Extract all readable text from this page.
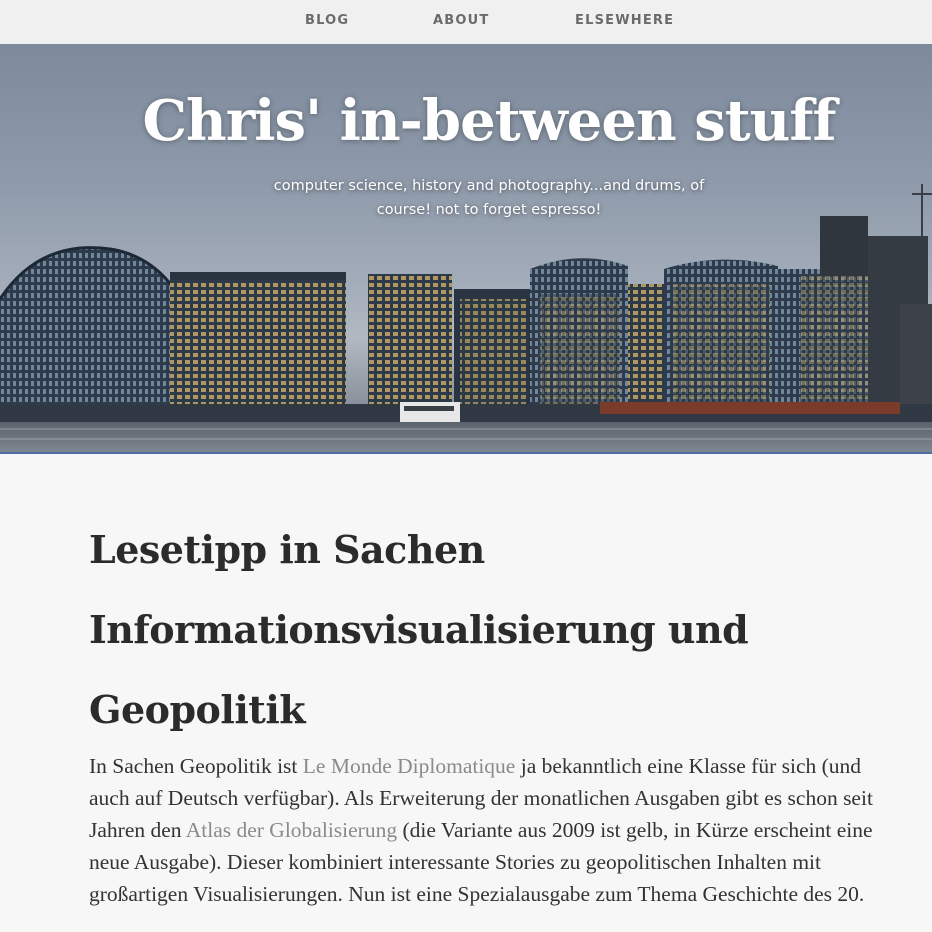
BLOG	ABOUT	ELSEWHERE
Chris' in-between stuff
computer science, history and photography...and drums, of course! not to forget espresso!
Lesetipp in Sachen Informationsvisualisierung und Geopolitik

In Sachen Geopolitik ist Le Monde Diplomatique ja bekanntlich eine Klasse für sich (und auch auf Deutsch verfügbar). Als Erweiterung der monatlichen Ausgaben gibt es schon seit Jahren den Atlas der Globalisierung (die Variante aus 2009 ist gelb, in Kürze erscheint eine neue Ausgabe). Dieser kombiniert interessante Stories zu geopolitischen Inhalten mit großartigen Visualisierungen. Nun ist eine Spezialausgabe zum Thema Geschichte des 20.
